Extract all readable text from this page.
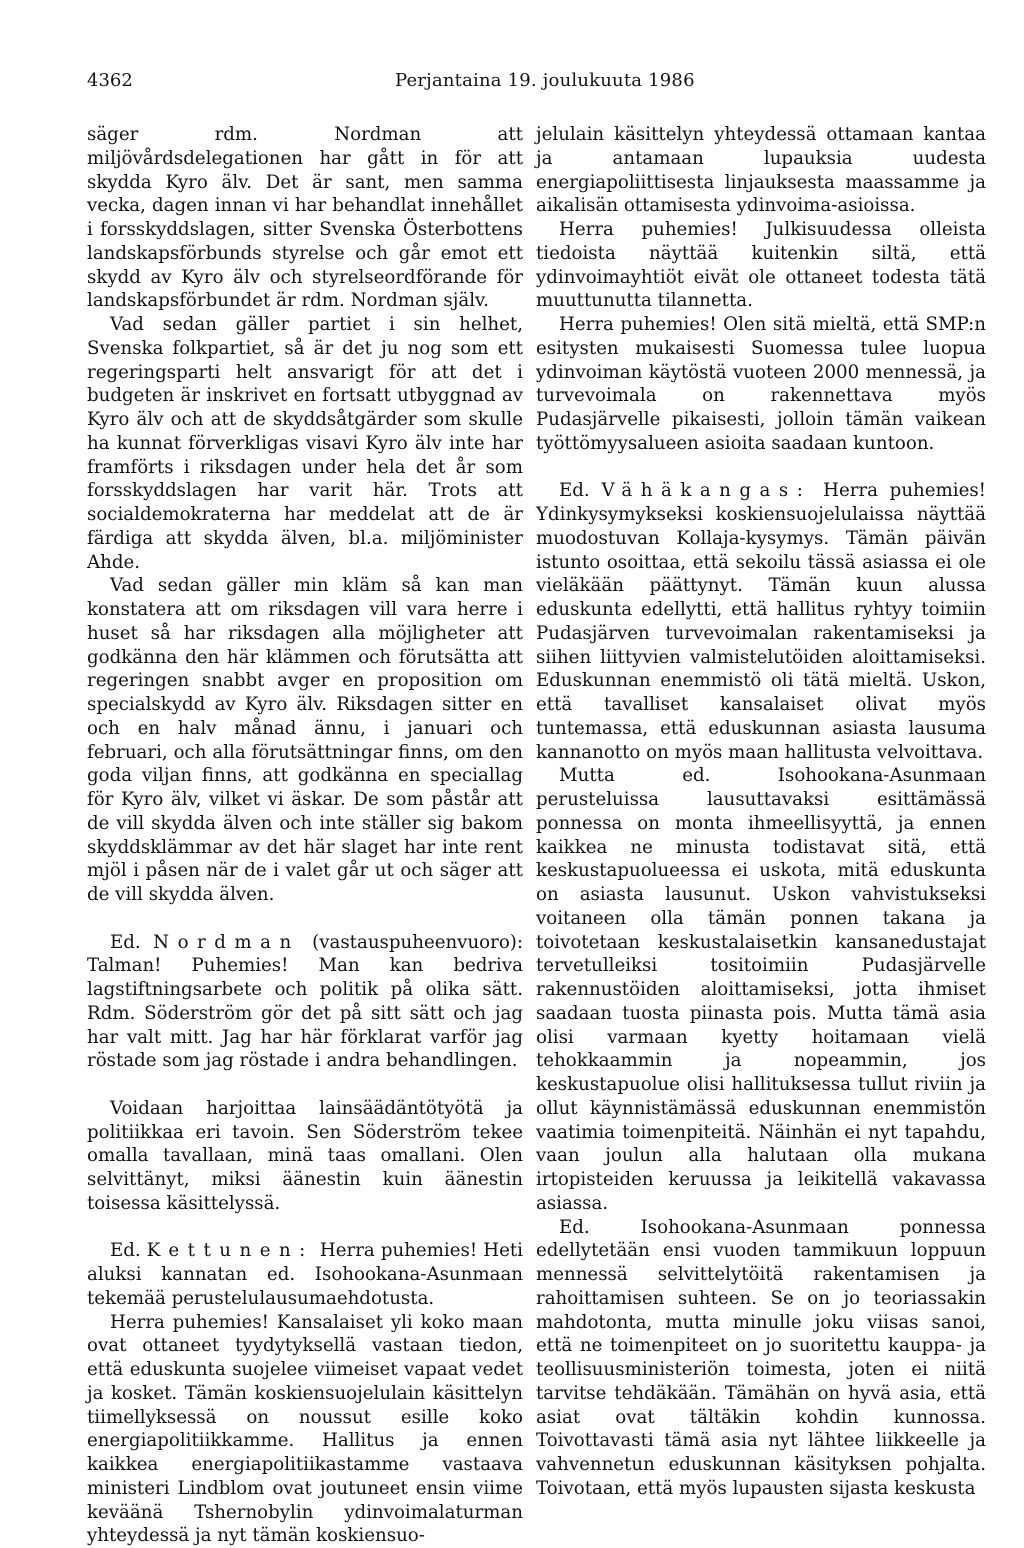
4362	Perjantaina 19. joulukuuta 1986

säger rdm. Nordman att miljövårdsdelegationen har gått in för att skydda Kyro älv. Det är sant, men samma vecka, dagen innan vi har behandlat innehållet i forsskyddslagen, sitter Svenska Österbottens landskapsförbunds styrelse och går emot ett skydd av Kyro älv och styrelseordförande för landskapsförbundet är rdm. Nordman själv.

Vad sedan gäller partiet i sin helhet, Svenska folkpartiet, så är det ju nog som ett regeringsparti helt ansvarigt för att det i budgeten är inskrivet en fortsatt utbyggnad av Kyro älv och att de skyddsåtgärder som skulle ha kunnat förverkligas visavi Kyro älv inte har framförts i riksdagen under hela det år som forsskyddslagen har varit här. Trots att socialdemokraterna har meddelat att de är färdiga att skydda älven, bl.a. miljöminister Ahde.

Vad sedan gäller min kläm så kan man konstatera att om riksdagen vill vara herre i huset så har riksdagen alla möjligheter att godkänna den här klämmen och förutsätta att regeringen snabbt avger en proposition om specialskydd av Kyro älv. Riksdagen sitter en och en halv månad ännu, i januari och februari, och alla förutsättningar finns, om den goda viljan finns, att godkänna en speciallag för Kyro älv, vilket vi äskar. De som påstår att de vill skydda älven och inte ställer sig bakom skyddsklämmar av det här slaget har inte rent mjöl i påsen när de i valet går ut och säger att de vill skydda älven.

Ed. Nordman (vastauspuheenvuoro): Talman! Puhemies! Man kan bedriva lagstiftningsarbete och politik på olika sätt. Rdm. Söderström gör det på sitt sätt och jag har valt mitt. Jag har här förklarat varför jag röstade som jag röstade i andra behandlingen.

Voidaan harjoittaa lainsäädäntötyötä ja politiikkaa eri tavoin. Sen Söderström tekee omalla tavallaan, minä taas omallani. Olen selvittänyt, miksi äänestin kuin äänestin toisessa käsittelyssä.

Ed. Kettunen: Herra puhemies! Heti aluksi kannatan ed. Isohookana-Asunmaan tekemää perustelulausumaehdotusta.

Herra puhemies! Kansalaiset yli koko maan ovat ottaneet tyydytyksellä vastaan tiedon, että eduskunta suojelee viimeiset vapaat vedet ja kosket. Tämän koskiensuojelulain käsittelyn tiimellyksessä on noussut esille koko energiapolitiikkamme. Hallitus ja ennen kaikkea energiapolitiikastamme vastaava ministeri Lindblom ovat joutuneet ensin viime keväänä Tshernobylin ydinvoimalaturman yhteydessä ja nyt tämän koskiensuo-

jelulain käsittelyn yhteydessä ottamaan kantaa ja antamaan lupauksia uudesta energiapoliittisesta linjauksesta maassamme ja aikalisän ottamisesta ydinvoima-asioissa.

Herra puhemies! Julkisuudessa olleista tiedoista näyttää kuitenkin siltä, että ydinvoimayhtiöt eivät ole ottaneet todesta tätä muuttunutta tilannetta.

Herra puhemies! Olen sitä mieltä, että SMP:n esitysten mukaisesti Suomessa tulee luopua ydinvoiman käytöstä vuoteen 2000 mennessä, ja turvevoimala on rakennettava myös Pudasjärvelle pikaisesti, jolloin tämän vaikean työttömyysalueen asioita saadaan kuntoon.

Ed. Vähäkangas: Herra puhemies! Ydinkysymykseksi koskiensuojelulaissa näyttää muodostuvan Kollaja-kysymys. Tämän päivän istunto osoittaa, että sekoilu tässä asiassa ei ole vieläkään päättynyt. Tämän kuun alussa eduskunta edellytti, että hallitus ryhtyy toimiin Pudasjärven turvevoimalan rakentamiseksi ja siihen liittyvien valmistelutöiden aloittamiseksi. Eduskunnan enemmistö oli tätä mieltä. Uskon, että tavalliset kansalaiset olivat myös tuntemassa, että eduskunnan asiasta lausuma kannanotto on myös maan hallitusta velvoittava.

Mutta ed. Isohookana-Asunmaan perusteluissa lausuttavaksi esittämässä ponnessa on monta ihmeellisyyttä, ja ennen kaikkea ne minusta todistavat sitä, että keskustapuolueessa ei uskota, mitä eduskunta on asiasta lausunut. Uskon vahvistukseksi voitaneen olla tämän ponnen takana ja toivotetaan keskustalaisetkin kansanedustajat tervetulleiksi tositoimiin Pudasjärvelle rakennustöiden aloittamiseksi, jotta ihmiset saadaan tuosta piinasta pois. Mutta tämä asia olisi varmaan kyetty hoitamaan vielä tehokkaammin ja nopeammin, jos keskustapuolue olisi hallituksessa tullut riviin ja ollut käynnistämässä eduskunnan enemmistön vaatimia toimenpiteitä. Näinhän ei nyt tapahdu, vaan joulun alla halutaan olla mukana irtopisteiden keruussa ja leikitellä vakavassa asiassa.

Ed. Isohookana-Asunmaan ponnessa edellytetään ensi vuoden tammikuun loppuun mennessä selvittelytöitä rakentamisen ja rahoittamisen suhteen. Se on jo teoriassakin mahdotonta, mutta minulle joku viisas sanoi, että ne toimenpiteet on jo suoritettu kauppa- ja teollisuusministeriön toimesta, joten ei niitä tarvitse tehdäkään. Tämähän on hyvä asia, että asiat ovat tältäkin kohdin kunnossa. Toivottavasti tämä asia nyt lähtee liikkeelle ja vahvennetun eduskunnan käsityksen pohjalta. Toivotaan, että myös lupausten sijasta keskusta
